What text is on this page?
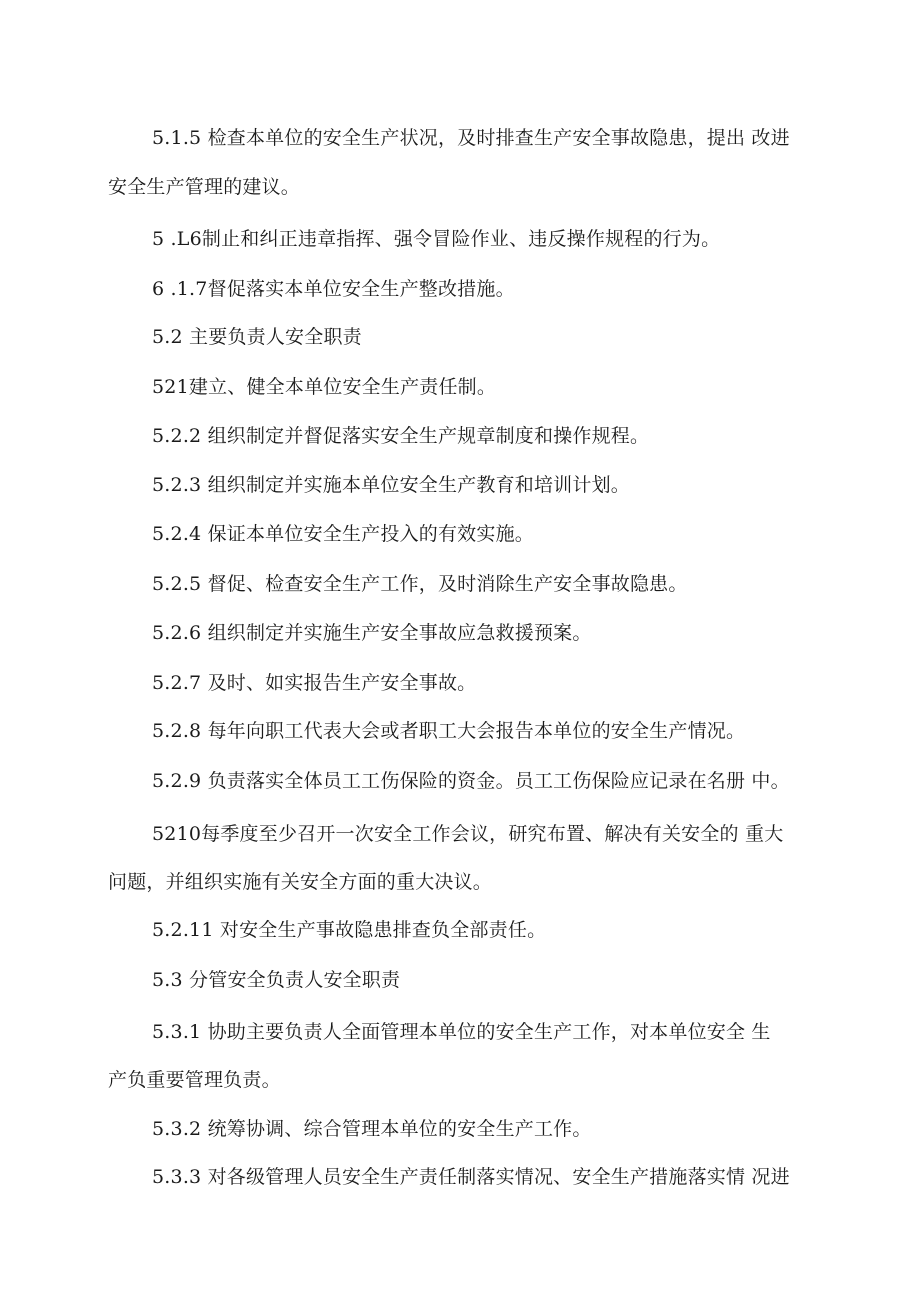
5.1.5 检查本单位的安全生产状况，及时排查生产安全事故隐患，提出 改进

安全生产管理的建议。

5 .L6制止和纠正违章指挥、强令冒险作业、违反操作规程的行为。

6 .1.7督促落实本单位安全生产整改措施。

5.2 主要负责人安全职责

521建立、健全本单位安全生产责任制。

5.2.2 组织制定并督促落实安全生产规章制度和操作规程。

5.2.3 组织制定并实施本单位安全生产教育和培训计划。

5.2.4 保证本单位安全生产投入的有效实施。

5.2.5 督促、检查安全生产工作，及时消除生产安全事故隐患。

5.2.6 组织制定并实施生产安全事故应急救援预案。

5.2.7 及时、如实报告生产安全事故。

5.2.8 每年向职工代表大会或者职工大会报告本单位的安全生产情况。

5.2.9 负责落实全体员工工伤保险的资金。员工工伤保险应记录在名册 中。

5210每季度至少召开一次安全工作会议，研究布置、解决有关安全的 重大

问题，并组织实施有关安全方面的重大决议。

5.2.11 对安全生产事故隐患排查负全部责任。

5.3 分管安全负责人安全职责

5.3.1 协助主要负责人全面管理本单位的安全生产工作，对本单位安全 生

产负重要管理负责。

5.3.2 统筹协调、综合管理本单位的安全生产工作。

5.3.3 对各级管理人员安全生产责任制落实情况、安全生产措施落实情 况进
